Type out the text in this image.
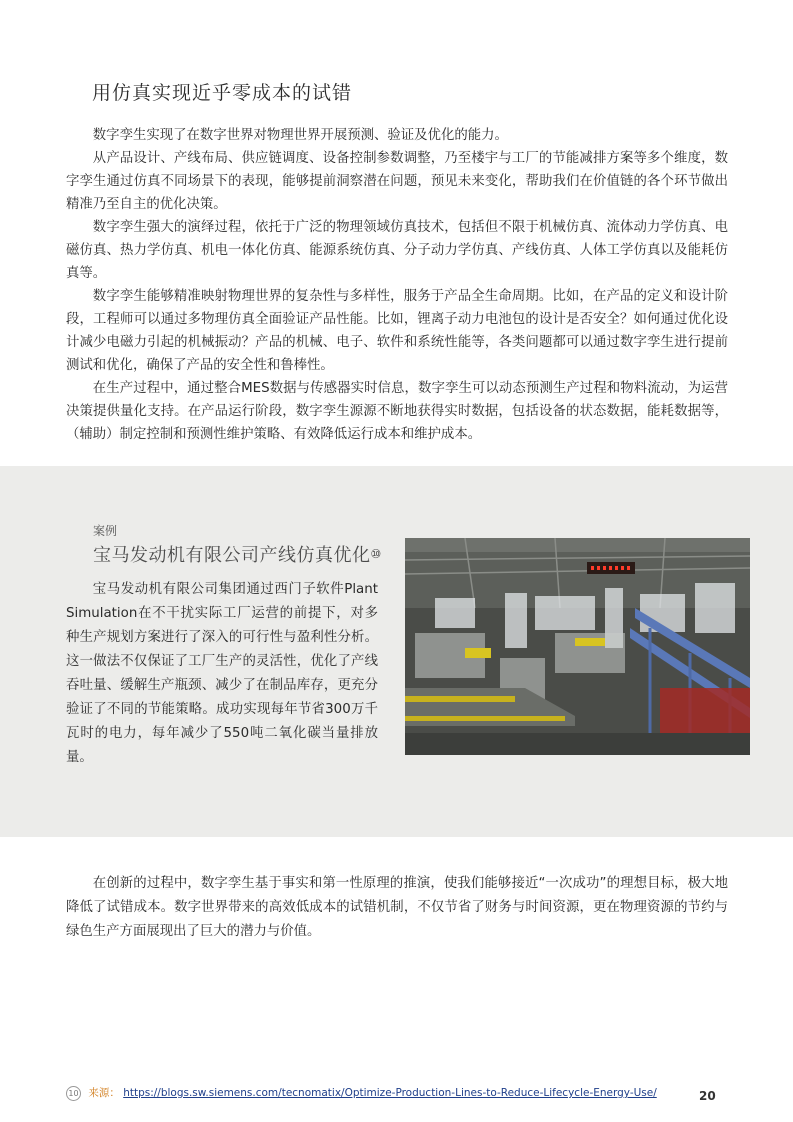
用仿真实现近乎零成本的试错

数字孪生实现了在数字世界对物理世界开展预测、验证及优化的能力。

从产品设计、产线布局、供应链调度、设备控制参数调整，乃至楼宇与工厂的节能减排方案等多个维度，数字孪生通过仿真不同场景下的表现，能够提前洞察潜在问题，预见未来变化，帮助我们在价值链的各个环节做出精准乃至自主的优化决策。

数字孪生强大的演绎过程，依托于广泛的物理领域仿真技术，包括但不限于机械仿真、流体动力学仿真、电磁仿真、热力学仿真、机电一体化仿真、能源系统仿真、分子动力学仿真、产线仿真、人体工学仿真以及能耗仿真等。

数字孪生能够精准映射物理世界的复杂性与多样性，服务于产品全生命周期。比如，在产品的定义和设计阶段，工程师可以通过多物理仿真全面验证产品性能。比如，锂离子动力电池包的设计是否安全？如何通过优化设计减少电磁力引起的机械振动？产品的机械、电子、软件和系统性能等，各类问题都可以通过数字孪生进行提前测试和优化，确保了产品的安全性和鲁棒性。

在生产过程中，通过整合MES数据与传感器实时信息，数字孪生可以动态预测生产过程和物料流动，为运营决策提供量化支持。在产品运行阶段，数字孪生源源不断地获得实时数据，包括设备的状态数据，能耗数据等，（辅助）制定控制和预测性维护策略、有效降低运行成本和维护成本。

案例
宝马发动机有限公司产线仿真优化⑩

宝马发动机有限公司集团通过西门子软件Plant Simulation在不干扰实际工厂运营的前提下，对多种生产规划方案进行了深入的可行性与盈利性分析。这一做法不仅保证了工厂生产的灵活性，优化了产线吞吐量、缓解生产瓶颈、减少了在制品库存，更充分验证了不同的节能策略。成功实现每年节省300万千瓦时的电力，每年减少了550吨二氧化碳当量排放量。

在创新的过程中，数字孪生基于事实和第一性原理的推演，使我们能够接近“一次成功”的理想目标，极大地降低了试错成本。数字世界带来的高效低成本的试错机制，不仅节省了财务与时间资源，更在物理资源的节约与绿色生产方面展现出了巨大的潜力与价值。

10 来源： https://blogs.sw.siemens.com/tecnomatix/Optimize-Production-Lines-to-Reduce-Lifecycle-Energy-Use/	20
